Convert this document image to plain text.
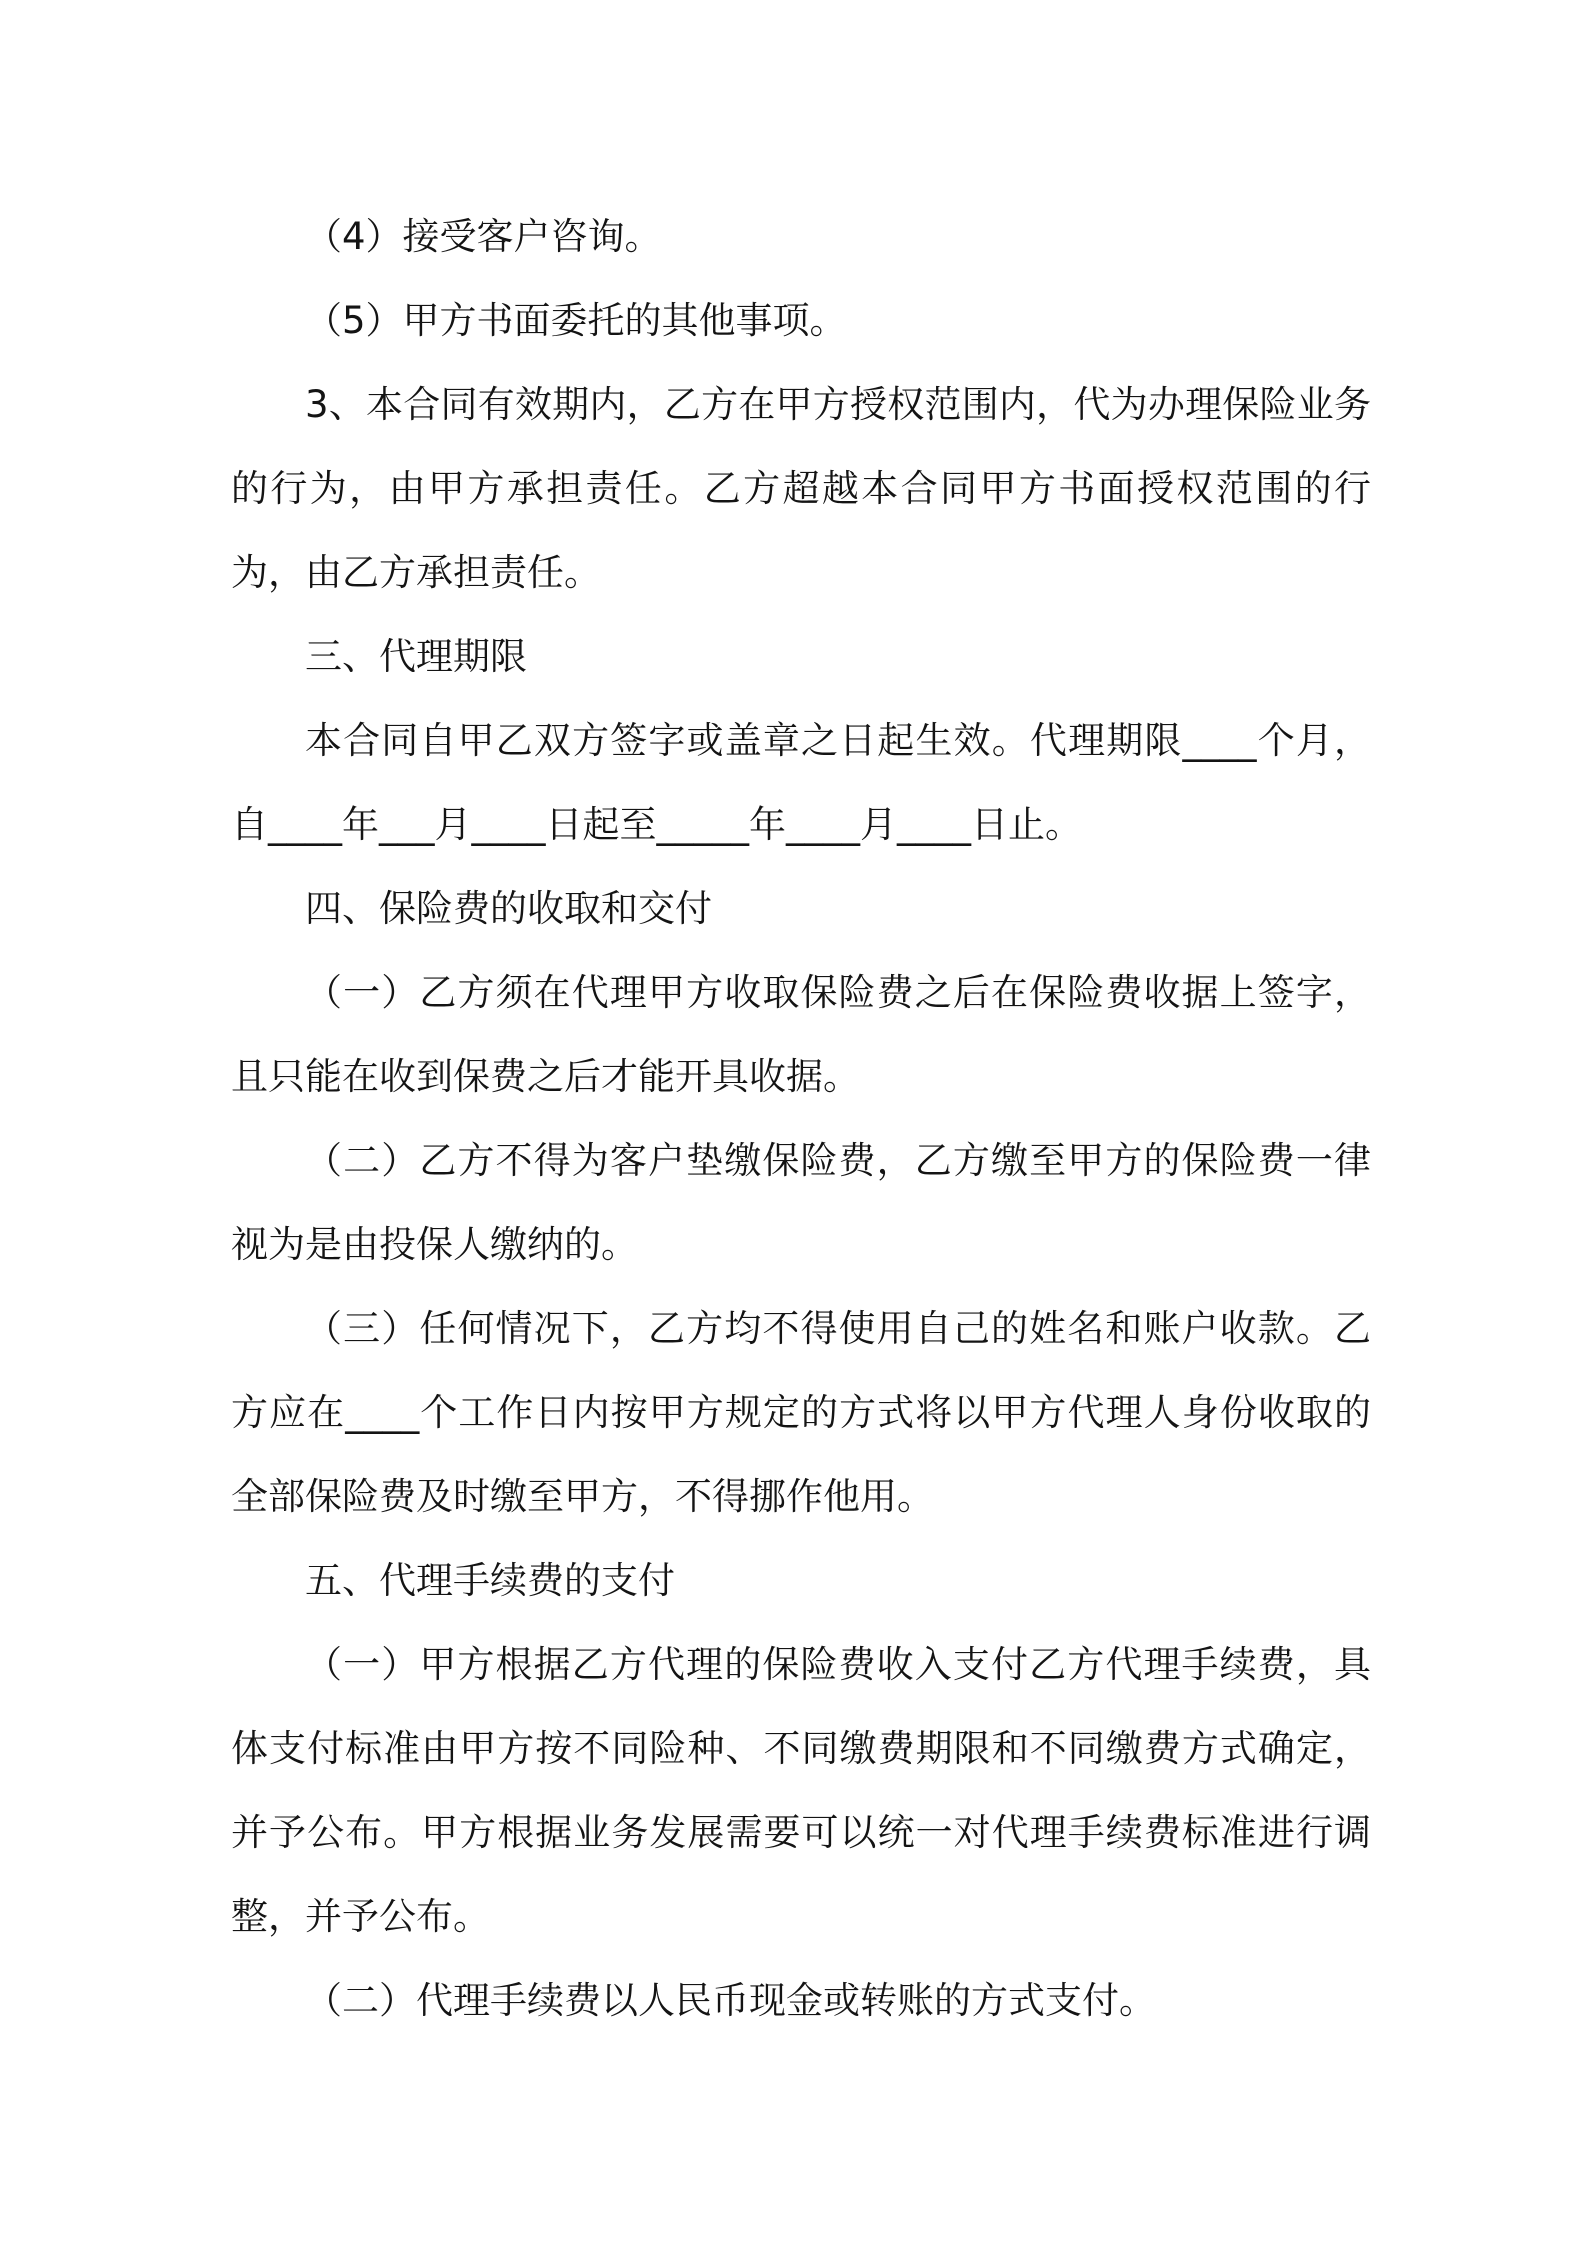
（4）接受客户咨询。

（5）甲方书面委托的其他事项。

3、本合同有效期内，乙方在甲方授权范围内，代为办理保险业务的行为，由甲方承担责任。乙方超越本合同甲方书面授权范围的行为，由乙方承担责任。

三、代理期限

本合同自甲乙双方签字或盖章之日起生效。代理期限____个月，自____年___月____日起至_____年____月____日止。

四、保险费的收取和交付

（一）乙方须在代理甲方收取保险费之后在保险费收据上签字，且只能在收到保费之后才能开具收据。

（二）乙方不得为客户垫缴保险费，乙方缴至甲方的保险费一律视为是由投保人缴纳的。

（三）任何情况下，乙方均不得使用自己的姓名和账户收款。乙方应在____个工作日内按甲方规定的方式将以甲方代理人身份收取的全部保险费及时缴至甲方，不得挪作他用。

五、代理手续费的支付

（一）甲方根据乙方代理的保险费收入支付乙方代理手续费，具体支付标准由甲方按不同险种、不同缴费期限和不同缴费方式确定，并予公布。甲方根据业务发展需要可以统一对代理手续费标准进行调整，并予公布。

（二）代理手续费以人民币现金或转账的方式支付。
